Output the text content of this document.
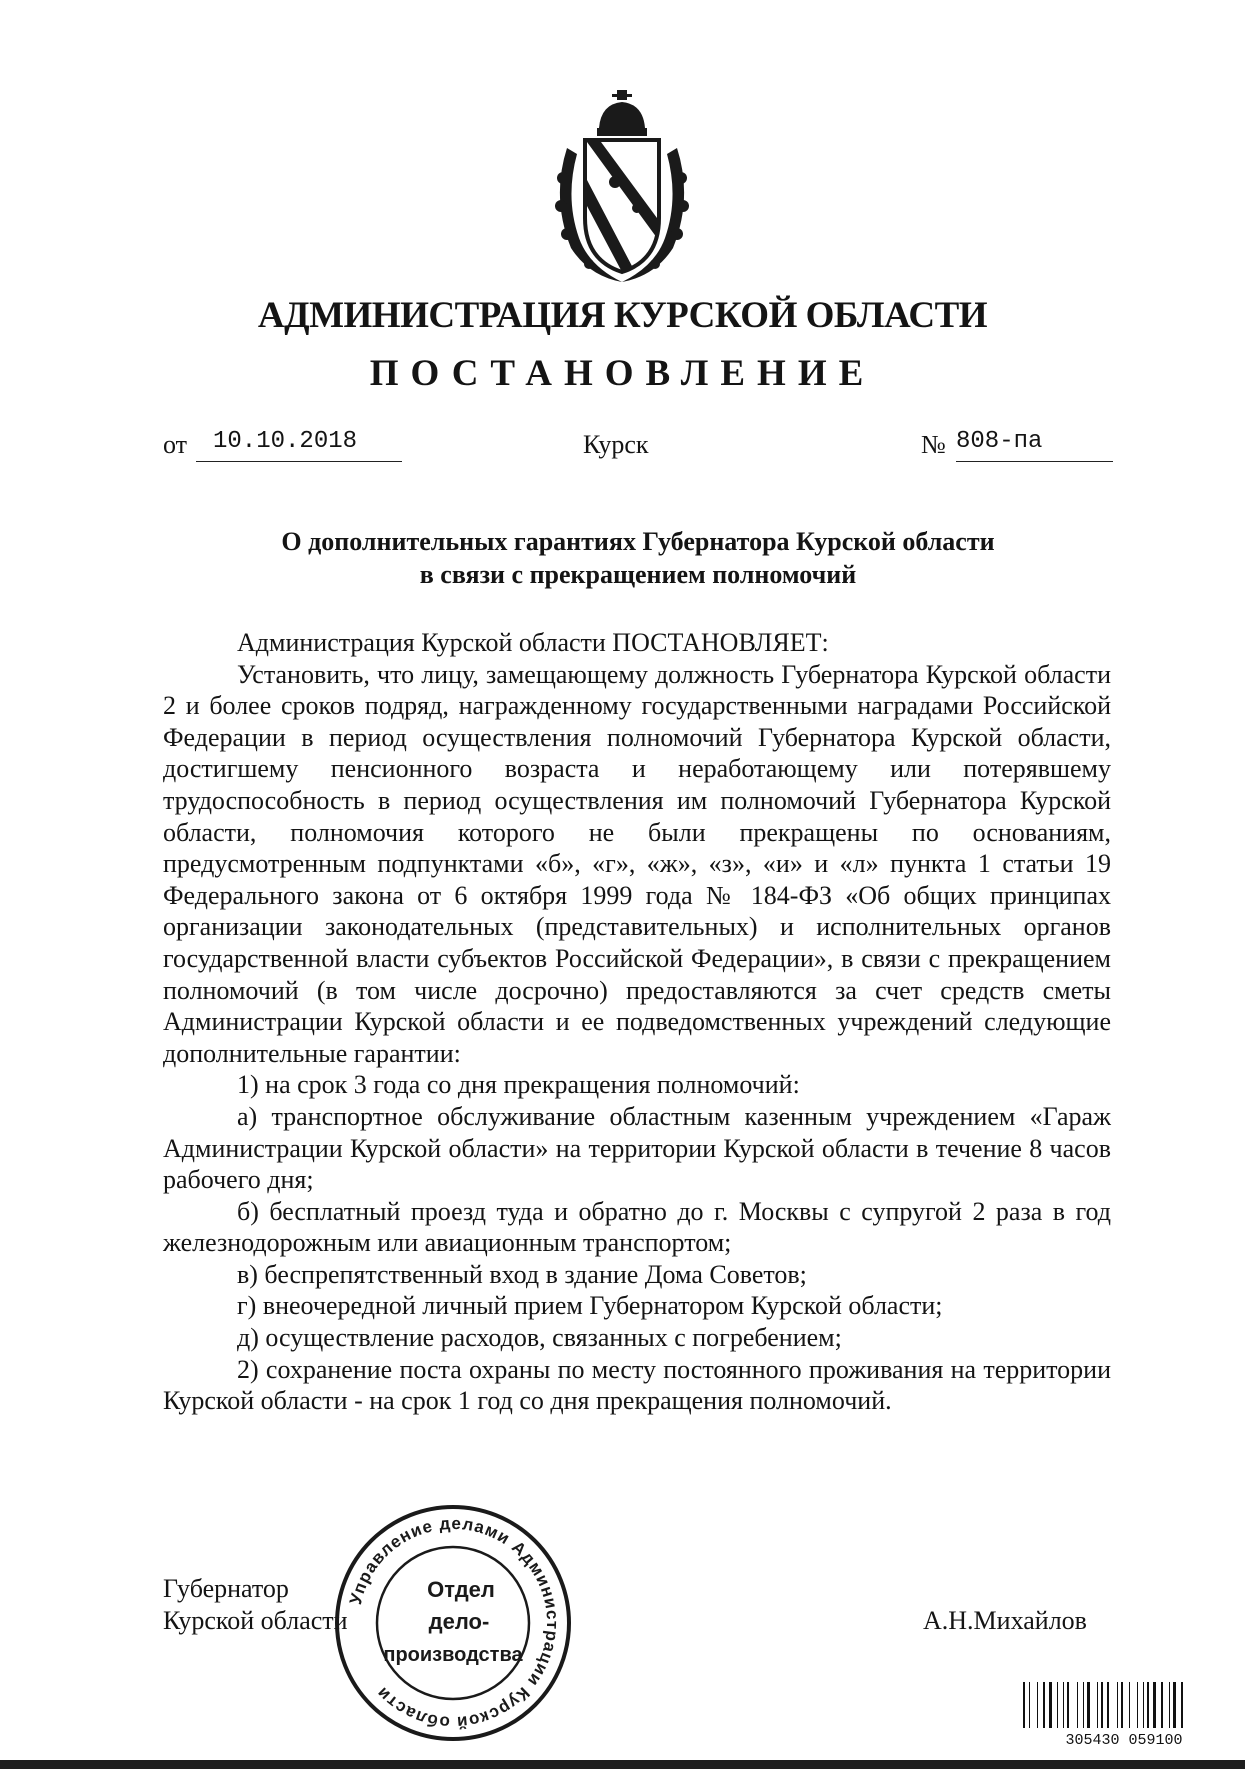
АДМИНИСТРАЦИЯ КУРСКОЙ ОБЛАСТИ
ПОСТАНОВЛЕНИЕ
от	10.10.2018	Курск	№ 808-па
О дополнительных гарантиях Губернатора Курской области
в связи с прекращением полномочий

Администрация Курской области ПОСТАНОВЛЯЕТ:

Установить, что лицу, замещающему должность Губернатора Курской области 2 и более сроков подряд, награжденному государственными наградами Российской Федерации в период осуществления полномочий Губернатора Курской области, достигшему пенсионного возраста и неработающему или потерявшему трудоспособность в период осуществления им полномочий Губернатора Курской области, полномочия которого не были прекращены по основаниям, предусмотренным подпунктами «б», «г», «ж», «з», «и» и «л» пункта 1 статьи 19 Федерального закона от 6 октября 1999 года № 184-ФЗ «Об общих принципах организации законодательных (представительных) и исполнительных органов государственной власти субъектов Российской Федерации», в связи с прекращением полномочий (в том числе досрочно) предоставляются за счет средств сметы Администрации Курской области и ее подведомственных учреждений следующие дополнительные гарантии:

1) на срок 3 года со дня прекращения полномочий:

а) транспортное обслуживание областным казенным учреждением «Гараж Администрации Курской области» на территории Курской области в течение 8 часов рабочего дня;

б) бесплатный проезд туда и обратно до г. Москвы с супругой 2 раза в год железнодорожным или авиационным транспортом;

в) беспрепятственный вход в здание Дома Советов;

г) внеочередной личный прием Губернатором Курской области;

д) осуществление расходов, связанных с погребением;

2) сохранение поста охраны по месту постоянного проживания на территории Курской области - на срок 1 год со дня прекращения полномочий.

Губернатор
Курской области	А.Н.Михайлов
Управление делами Администрации Курской области
Отдел
дело-
производства
305430 059100
